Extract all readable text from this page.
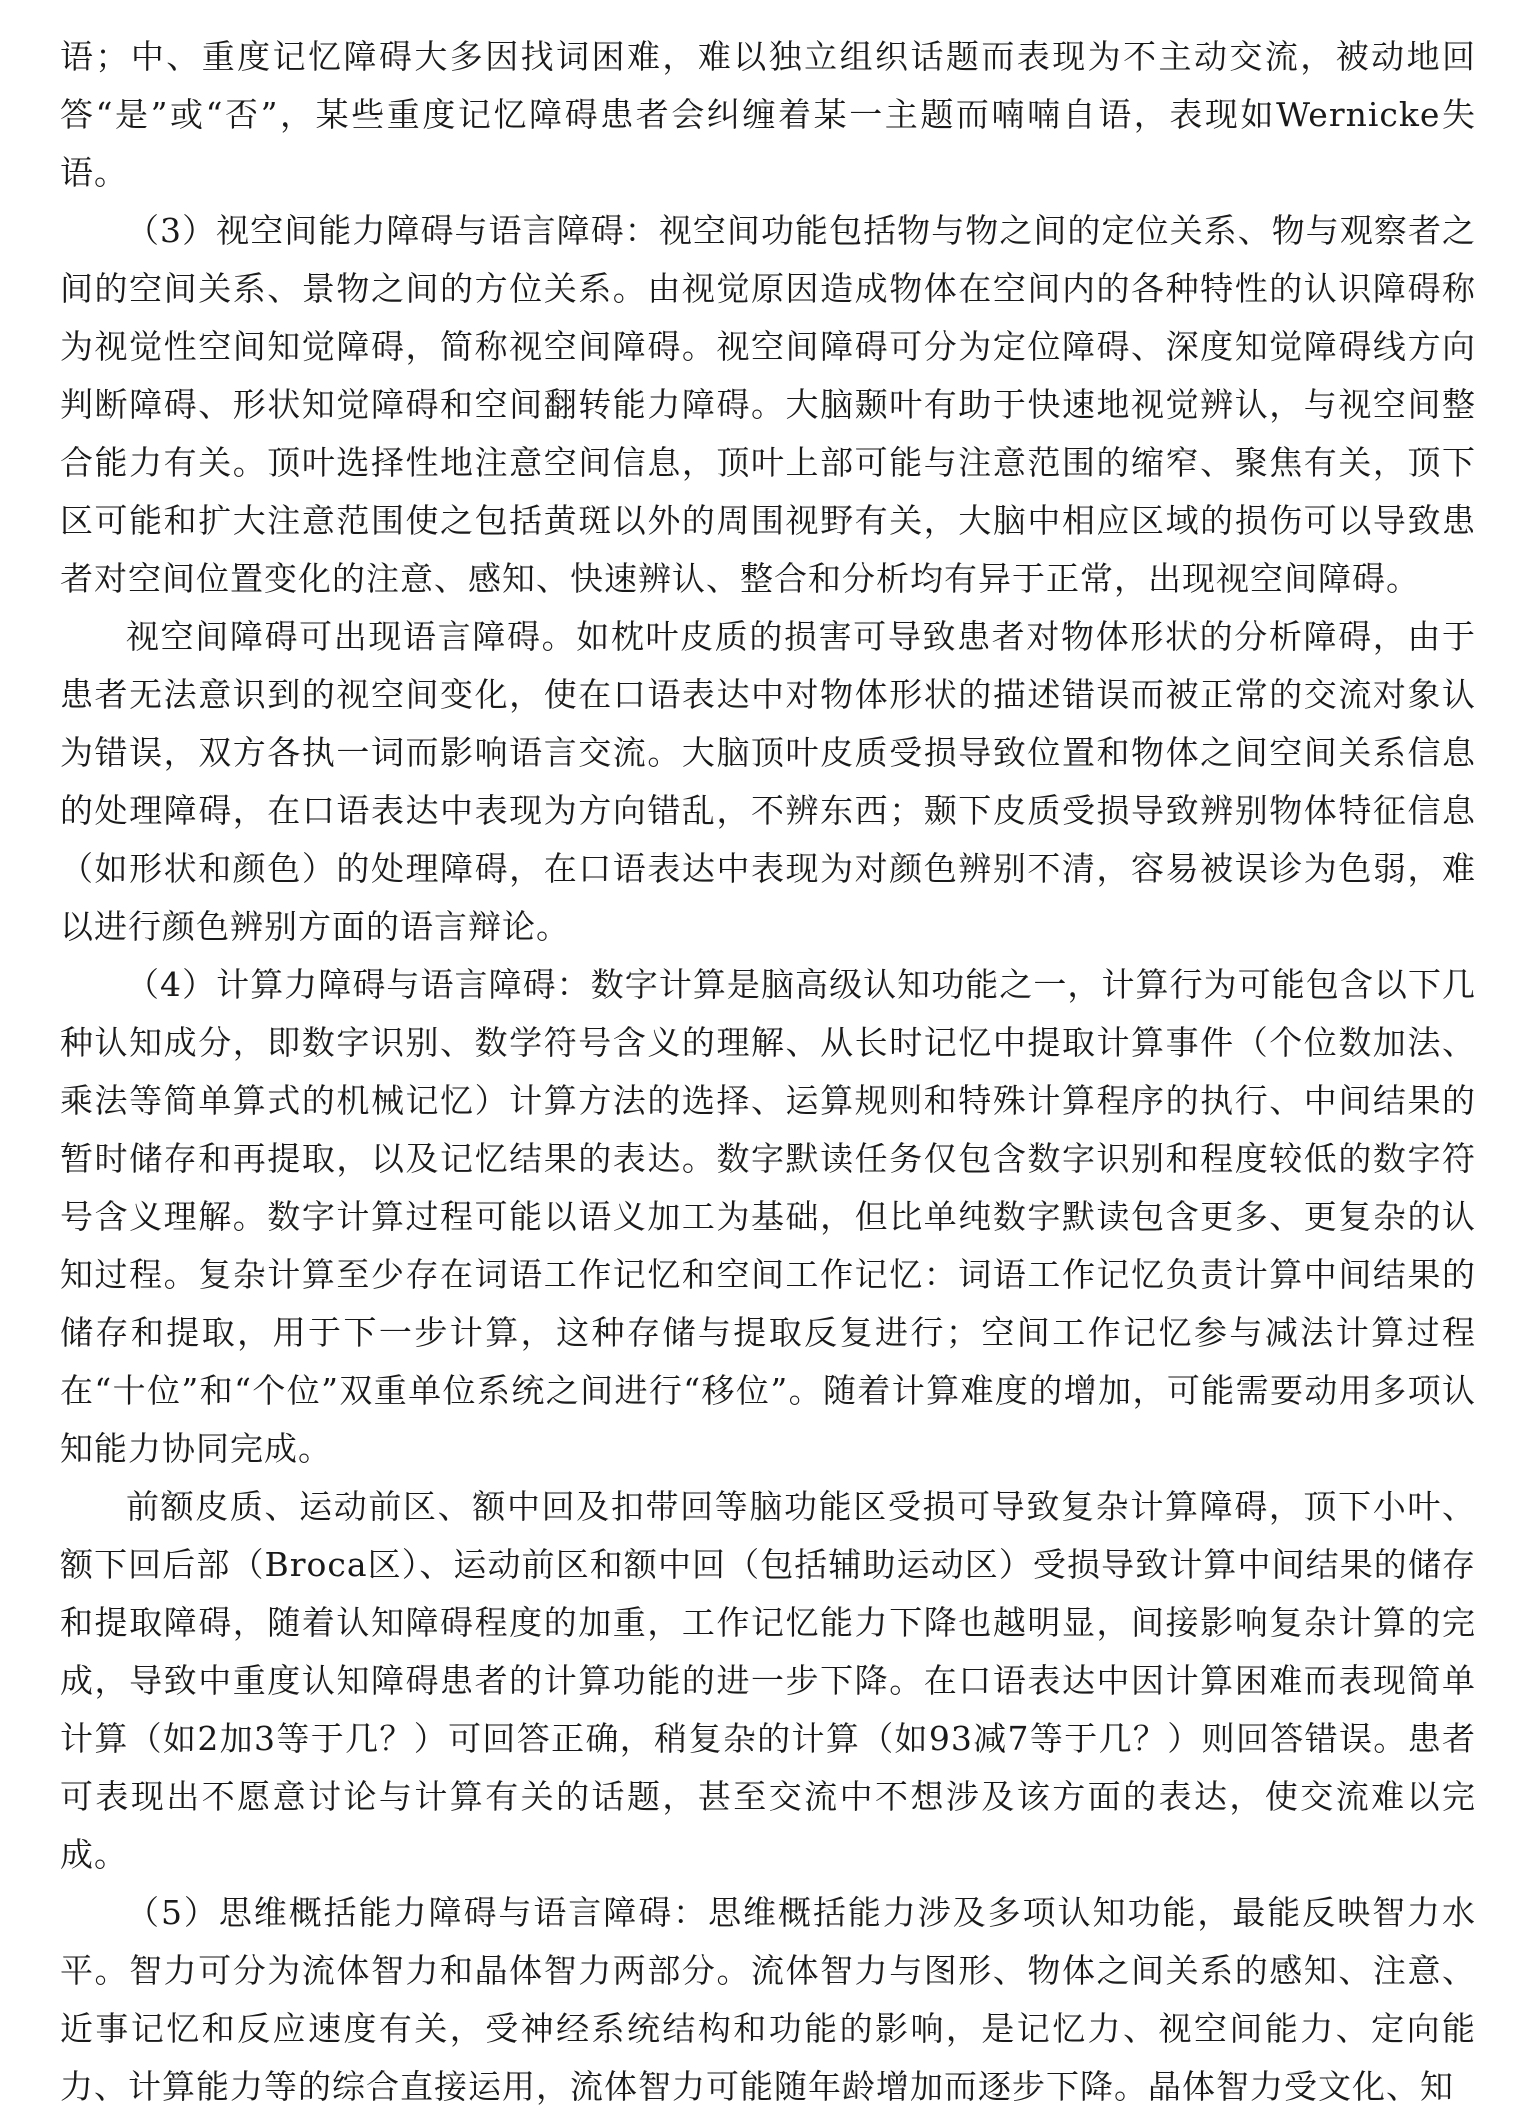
语；中、重度记忆障碍大多因找词困难，难以独立组织话题而表现为不主动交流，被动地回答“是”或“否”，某些重度记忆障碍患者会纠缠着某一主题而喃喃自语，表现如Wernicke失语。

（3）视空间能力障碍与语言障碍：视空间功能包括物与物之间的定位关系、物与观察者之间的空间关系、景物之间的方位关系。由视觉原因造成物体在空间内的各种特性的认识障碍称为视觉性空间知觉障碍，简称视空间障碍。视空间障碍可分为定位障碍、深度知觉障碍线方向判断障碍、形状知觉障碍和空间翻转能力障碍。大脑颞叶有助于快速地视觉辨认，与视空间整合能力有关。顶叶选择性地注意空间信息，顶叶上部可能与注意范围的缩窄、聚焦有关，顶下区可能和扩大注意范围使之包括黄斑以外的周围视野有关，大脑中相应区域的损伤可以导致患者对空间位置变化的注意、感知、快速辨认、整合和分析均有异于正常，出现视空间障碍。

视空间障碍可出现语言障碍。如枕叶皮质的损害可导致患者对物体形状的分析障碍，由于患者无法意识到的视空间变化，使在口语表达中对物体形状的描述错误而被正常的交流对象认为错误，双方各执一词而影响语言交流。大脑顶叶皮质受损导致位置和物体之间空间关系信息的处理障碍，在口语表达中表现为方向错乱，不辨东西；颞下皮质受损导致辨别物体特征信息（如形状和颜色）的处理障碍，在口语表达中表现为对颜色辨别不清，容易被误诊为色弱，难以进行颜色辨别方面的语言辩论。

（4）计算力障碍与语言障碍：数字计算是脑高级认知功能之一，计算行为可能包含以下几种认知成分，即数字识别、数学符号含义的理解、从长时记忆中提取计算事件（个位数加法、乘法等简单算式的机械记忆）计算方法的选择、运算规则和特殊计算程序的执行、中间结果的暂时储存和再提取，以及记忆结果的表达。数字默读任务仅包含数字识别和程度较低的数字符号含义理解。数字计算过程可能以语义加工为基础，但比单纯数字默读包含更多、更复杂的认知过程。复杂计算至少存在词语工作记忆和空间工作记忆：词语工作记忆负责计算中间结果的储存和提取，用于下一步计算，这种存储与提取反复进行；空间工作记忆参与减法计算过程在“十位”和“个位”双重单位系统之间进行“移位”。随着计算难度的增加，可能需要动用多项认知能力协同完成。

前额皮质、运动前区、额中回及扣带回等脑功能区受损可导致复杂计算障碍，顶下小叶、额下回后部（Broca区）、运动前区和额中回（包括辅助运动区）受损导致计算中间结果的储存和提取障碍，随着认知障碍程度的加重，工作记忆能力下降也越明显，间接影响复杂计算的完成，导致中重度认知障碍患者的计算功能的进一步下降。在口语表达中因计算困难而表现简单计算（如2加3等于几？）可回答正确，稍复杂的计算（如93减7等于几？）则回答错误。患者可表现出不愿意讨论与计算有关的话题，甚至交流中不想涉及该方面的表达，使交流难以完成。

（5）思维概括能力障碍与语言障碍：思维概括能力涉及多项认知功能，最能反映智力水平。智力可分为流体智力和晶体智力两部分。流体智力与图形、物体之间关系的感知、注意、近事记忆和反应速度有关，受神经系统结构和功能的影响，是记忆力、视空间能力、定向能力、计算能力等的综合直接运用，流体智力可能随年龄增加而逐步下降。晶体智力受文化、知
